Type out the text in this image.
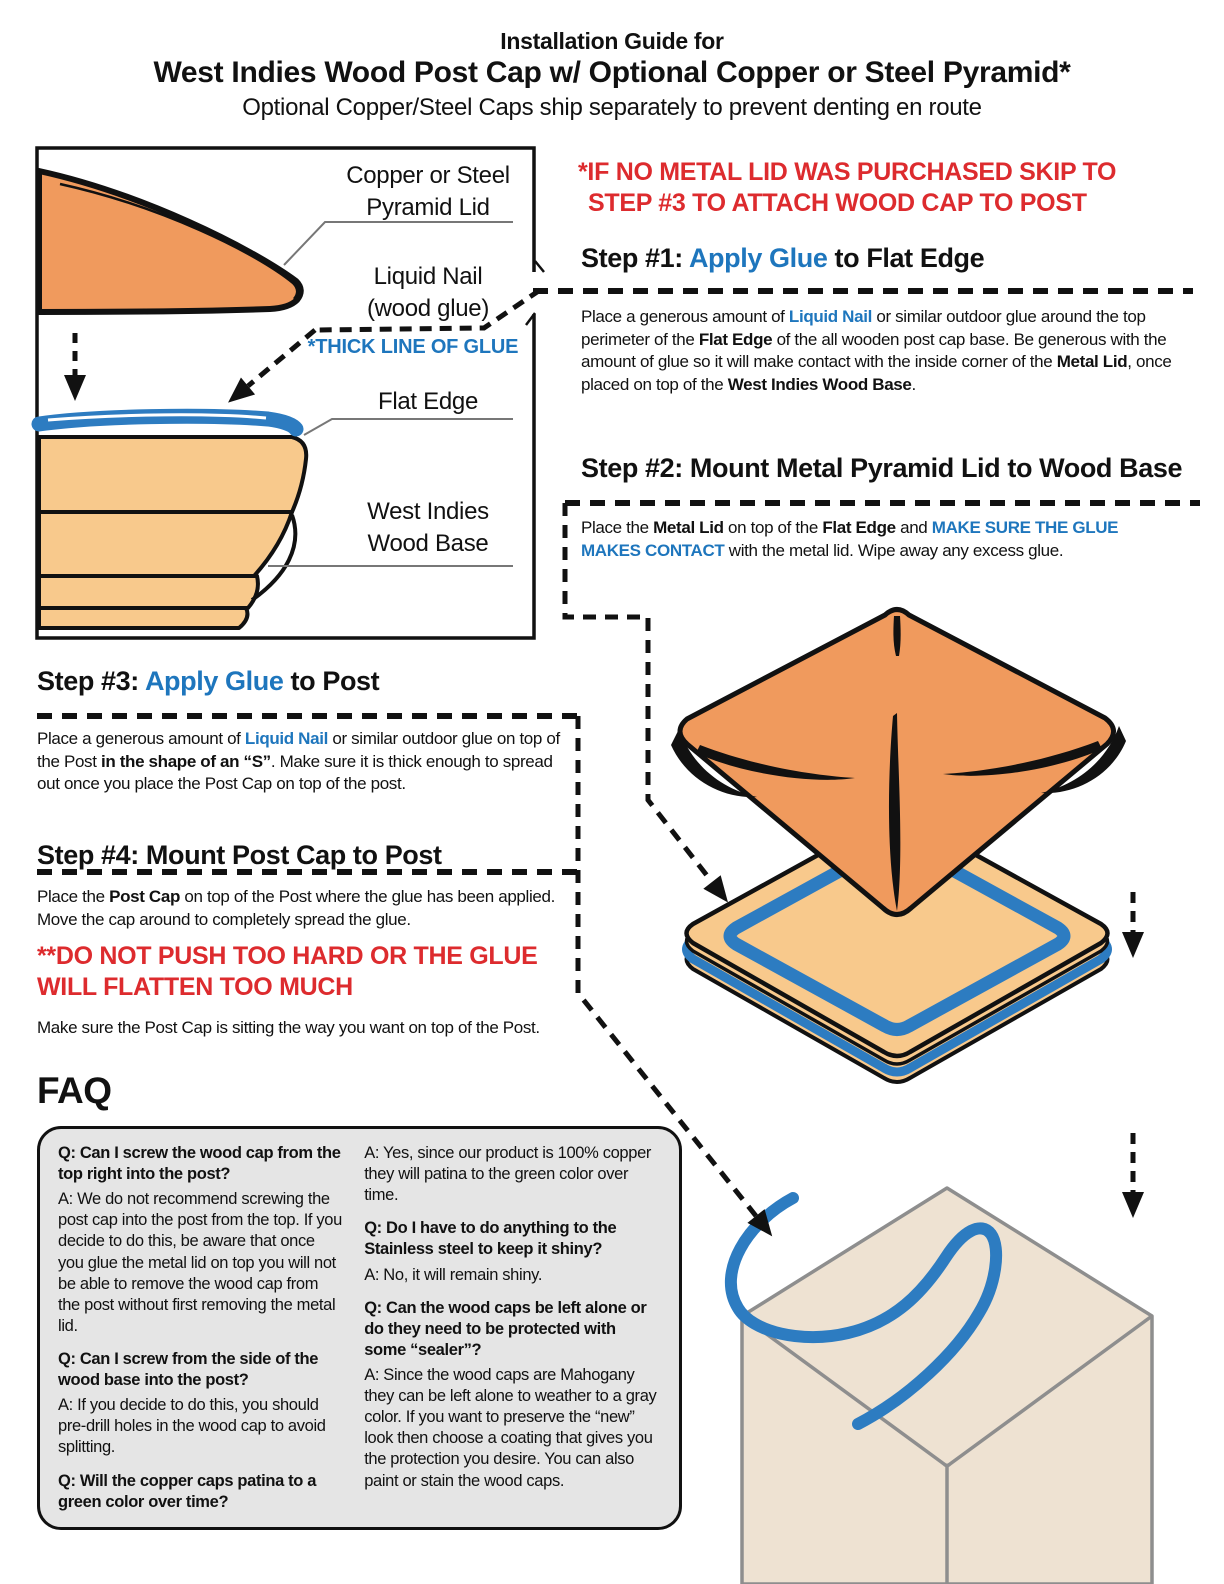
Installation Guide for
West Indies Wood Post Cap w/ Optional Copper or Steel Pyramid*
Optional Copper/Steel Caps ship separately to prevent denting en route
Copper or Steel
Pyramid Lid
Liquid Nail
(wood glue)
*THICK LINE OF GLUE
Flat Edge
West Indies
Wood Base
*IF NO METAL LID WAS PURCHASED SKIP TO
STEP #3 TO ATTACH WOOD CAP TO POST
Step #1: Apply Glue to Flat Edge
Place a generous amount of Liquid Nail or similar outdoor glue around the top perimeter of the Flat Edge of the all wooden post cap base. Be generous with the amount of glue so it will make contact with the inside corner of the Metal Lid, once placed on top of the West Indies Wood Base.
Step #2: Mount Metal Pyramid Lid to Wood Base
Place the Metal Lid on top of the Flat Edge and MAKE SURE THE GLUE MAKES CONTACT with the metal lid. Wipe away any excess glue.
Step #3: Apply Glue to Post
Place a generous amount of Liquid Nail or similar outdoor glue on top of the Post in the shape of an “S”. Make sure it is thick enough to spread out once you place the Post Cap on top of the post.
Step #4: Mount Post Cap to Post
Place the Post Cap on top of the Post where the glue has been applied. Move the cap around to completely spread the glue.
**DO NOT PUSH TOO HARD OR THE GLUE
WILL FLATTEN TOO MUCH
Make sure the Post Cap is sitting the way you want on top of the Post.
FAQ

Q: Can I screw the wood cap from the top right into the post?

A: We do not recommend screwing the post cap into the post from the top. If you decide to do this, be aware that once you glue the metal lid on top you will not be able to remove the wood cap from the post without first removing the metal lid.

Q: Can I screw from the side of the wood base into the post?

A: If you decide to do this, you should pre-drill holes in the wood cap to avoid splitting.

Q: Will the copper caps patina to a green color over time?

A: Yes, since our product is 100% copper they will patina to the green color over time.

Q: Do I have to do anything to the Stainless steel to keep it shiny?

A: No, it will remain shiny.

Q: Can the wood caps be left alone or do they need to be protected with some “sealer”?

A: Since the wood caps are Mahogany they can be left alone to weather to a gray color. If you want to preserve the “new” look then choose a coating that gives you the protection you desire. You can also paint or stain the wood caps.
